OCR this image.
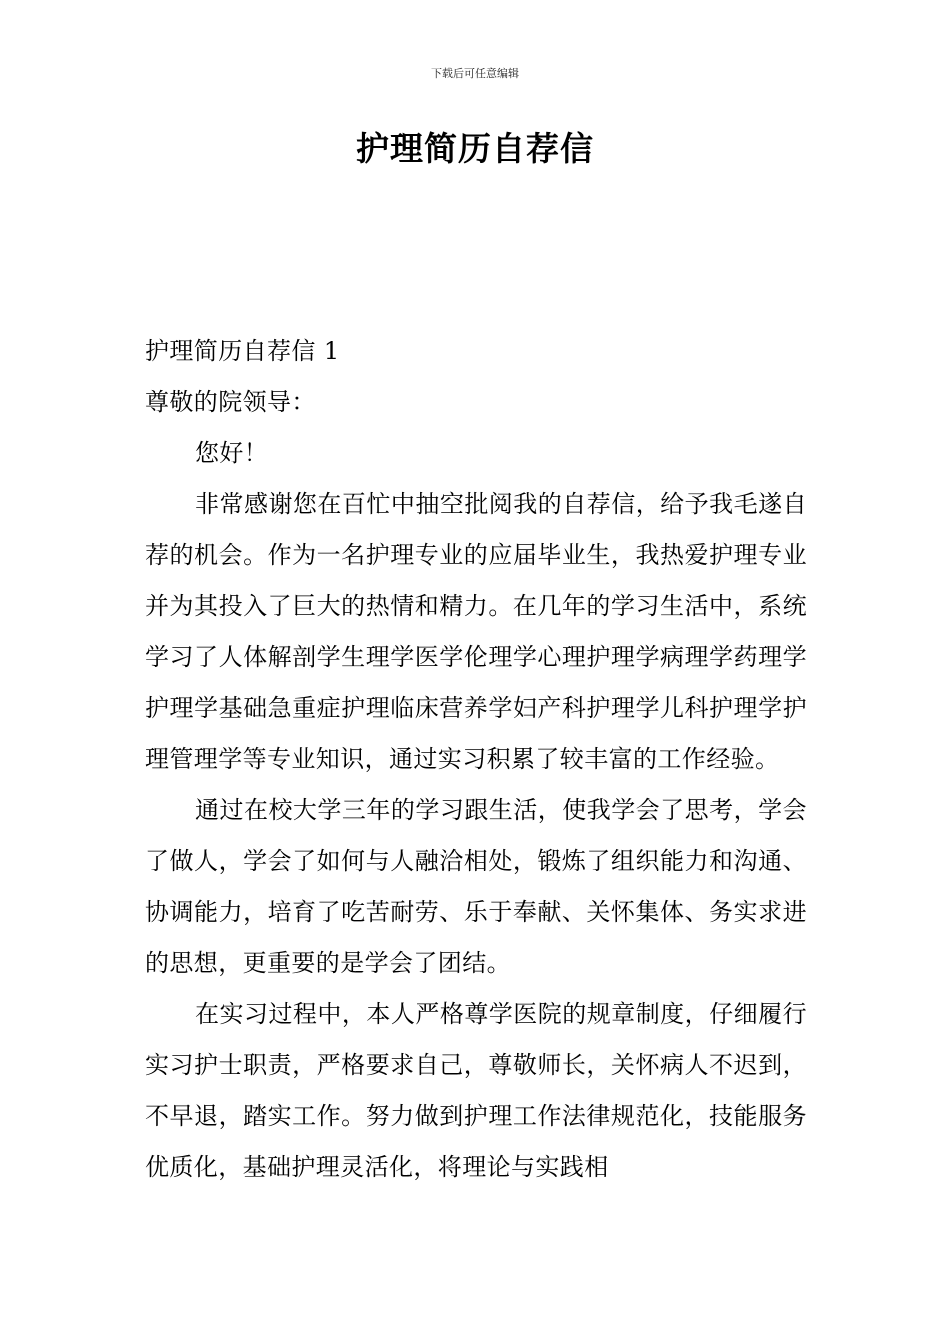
下载后可任意编辑
护理简历自荐信

护理简历自荐信 1

尊敬的院领导：

您好！

非常感谢您在百忙中抽空批阅我的自荐信，给予我毛遂自荐的机会。作为一名护理专业的应届毕业生，我热爱护理专业并为其投入了巨大的热情和精力。在几年的学习生活中，系统学习了人体解剖学生理学医学伦理学心理护理学病理学药理学护理学基础急重症护理临床营养学妇产科护理学儿科护理学护理管理学等专业知识，通过实习积累了较丰富的工作经验。

通过在校大学三年的学习跟生活，使我学会了思考，学会了做人，学会了如何与人融洽相处，锻炼了组织能力和沟通、协调能力，培育了吃苦耐劳、乐于奉献、关怀集体、务实求进的思想，更重要的是学会了团结。

在实习过程中，本人严格尊学医院的规章制度，仔细履行实习护士职责，严格要求自己，尊敬师长，关怀病人不迟到，不早退，踏实工作。努力做到护理工作法律规范化，技能服务优质化，基础护理灵活化，将理论与实践相
